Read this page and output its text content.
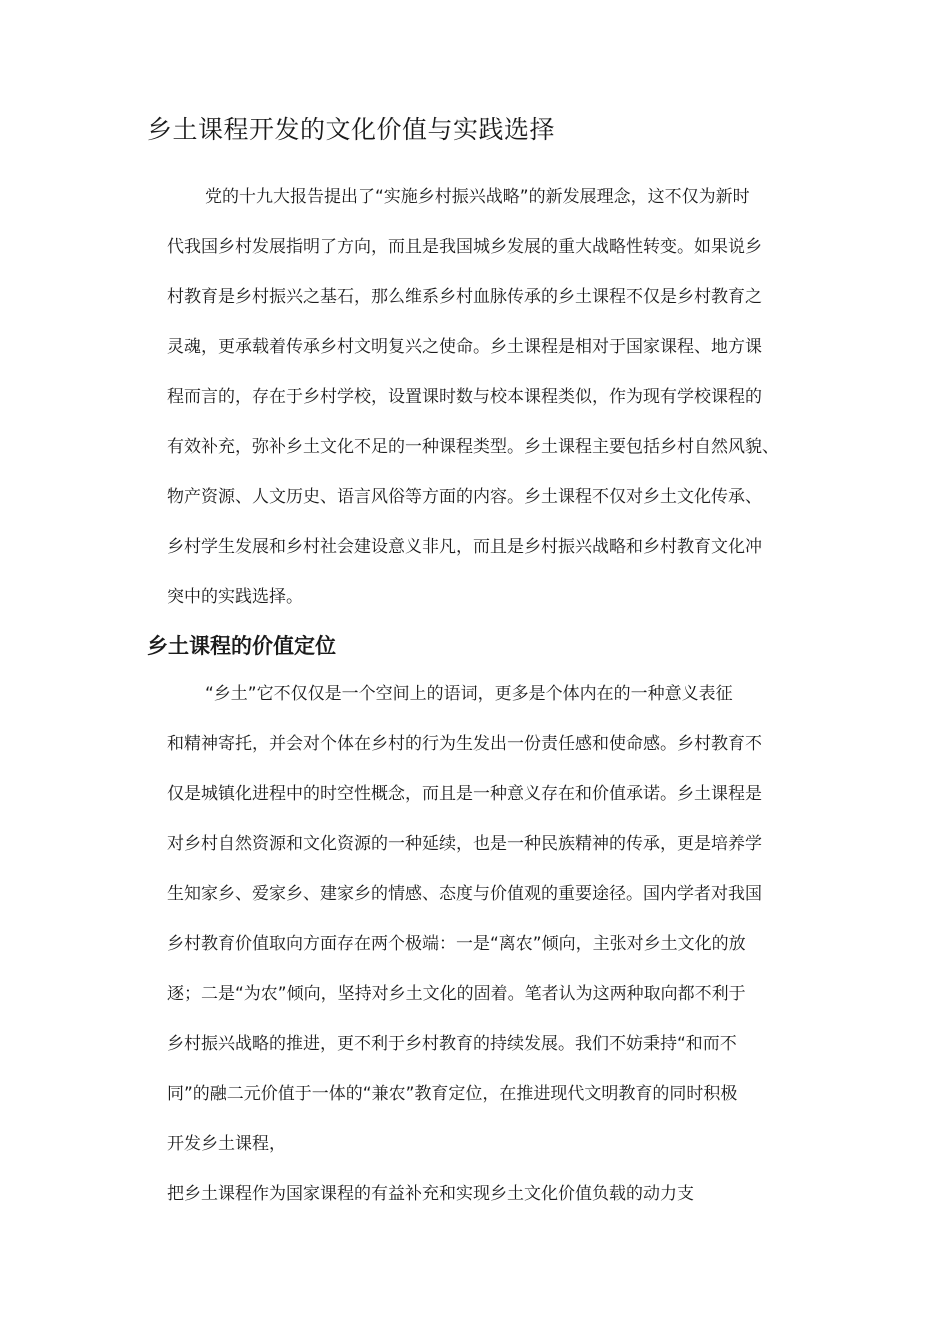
乡土课程开发的文化价值与实践选择
党的十九大报告提出了“实施乡村振兴战略”的新发展理念，这不仅为新时
代我国乡村发展指明了方向，而且是我国城乡发展的重大战略性转变。如果说乡
村教育是乡村振兴之基石，那么维系乡村血脉传承的乡土课程不仅是乡村教育之
灵魂，更承载着传承乡村文明复兴之使命。乡土课程是相对于国家课程、地方课
程而言的，存在于乡村学校，设置课时数与校本课程类似，作为现有学校课程的
有效补充，弥补乡土文化不足的一种课程类型。乡土课程主要包括乡村自然风貌、
物产资源、人文历史、语言风俗等方面的内容。乡土课程不仅对乡土文化传承、
乡村学生发展和乡村社会建设意义非凡，而且是乡村振兴战略和乡村教育文化冲
突中的实践选择。
乡土课程的价值定位
“乡土”它不仅仅是一个空间上的语词，更多是个体内在的一种意义表征
和精神寄托，并会对个体在乡村的行为生发出一份责任感和使命感。乡村教育不
仅是城镇化进程中的时空性概念，而且是一种意义存在和价值承诺。乡土课程是
对乡村自然资源和文化资源的一种延续，也是一种民族精神的传承，更是培养学
生知家乡、爱家乡、建家乡的情感、态度与价值观的重要途径。国内学者对我国
乡村教育价值取向方面存在两个极端：一是“离农”倾向，主张对乡土文化的放
逐；二是“为农”倾向，坚持对乡土文化的固着。笔者认为这两种取向都不利于
乡村振兴战略的推进，更不利于乡村教育的持续发展。我们不妨秉持“和而不
同”的融二元价值于一体的“兼农”教育定位，在推进现代文明教育的同时积极
开发乡土课程，
把乡土课程作为国家课程的有益补充和实现乡土文化价值负载的动力支
